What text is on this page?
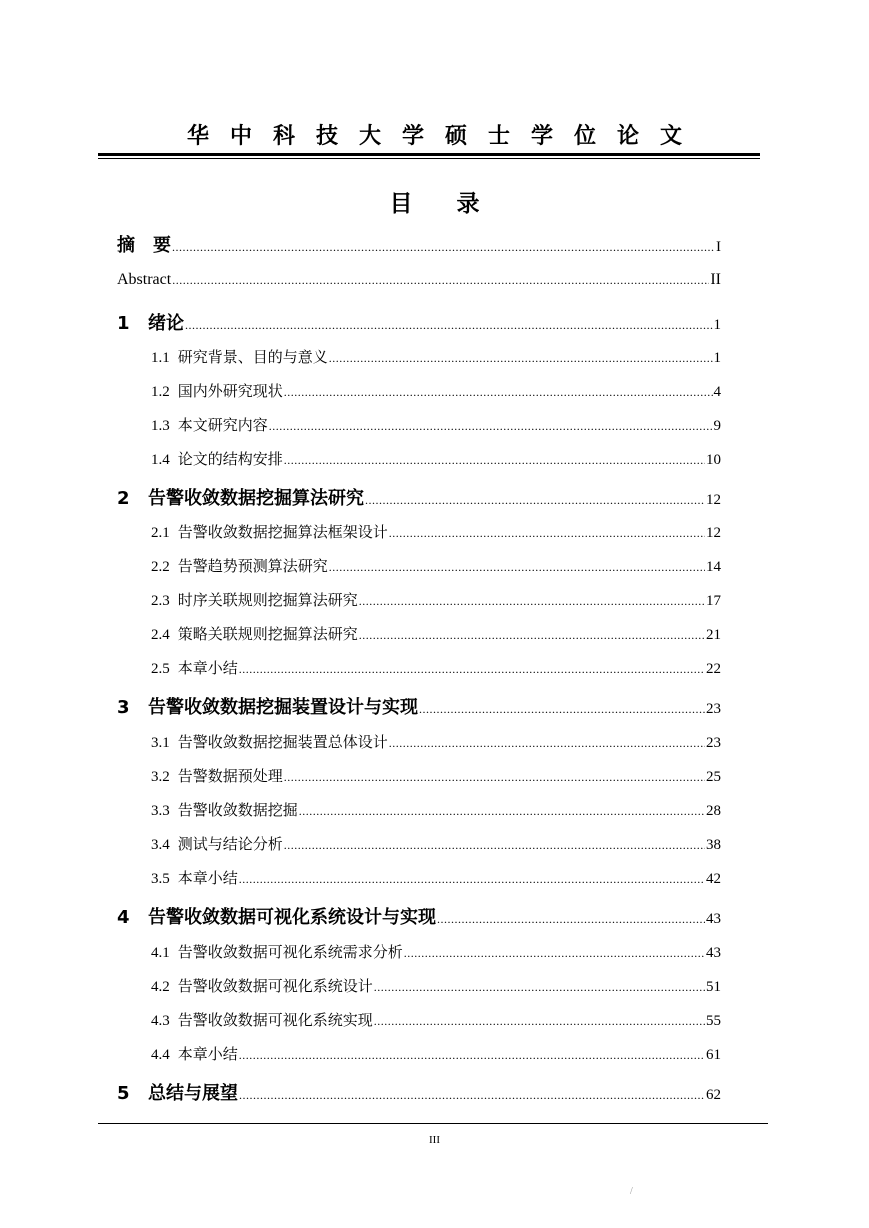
华中科技大学硕士学位论文
目 录
摘　要 .....	I
Abstract .....	II
1	绪论 .....	1
1.1 研究背景、目的与意义 .....	1
1.2 国内外研究现状 .....	4
1.3 本文研究内容 .....	9
1.4 论文的结构安排 .....	10
2	告警收敛数据挖掘算法研究 .....	12
2.1 告警收敛数据挖掘算法框架设计 .....	12
2.2 告警趋势预测算法研究 .....	14
2.3 时序关联规则挖掘算法研究 .....	17
2.4 策略关联规则挖掘算法研究 .....	21
2.5 本章小结 .....	22
3	告警收敛数据挖掘装置设计与实现 .....	23
3.1 告警收敛数据挖掘装置总体设计 .....	23
3.2 告警数据预处理 .....	25
3.3 告警收敛数据挖掘 .....	28
3.4 测试与结论分析 .....	38
3.5 本章小结 .....	42
4	告警收敛数据可视化系统设计与实现 .....	43
4.1 告警收敛数据可视化系统需求分析 .....	43
4.2 告警收敛数据可视化系统设计 .....	51
4.3 告警收敛数据可视化系统实现 .....	55
4.4 本章小结 .....	61
5	总结与展望 .....	62
III
/
